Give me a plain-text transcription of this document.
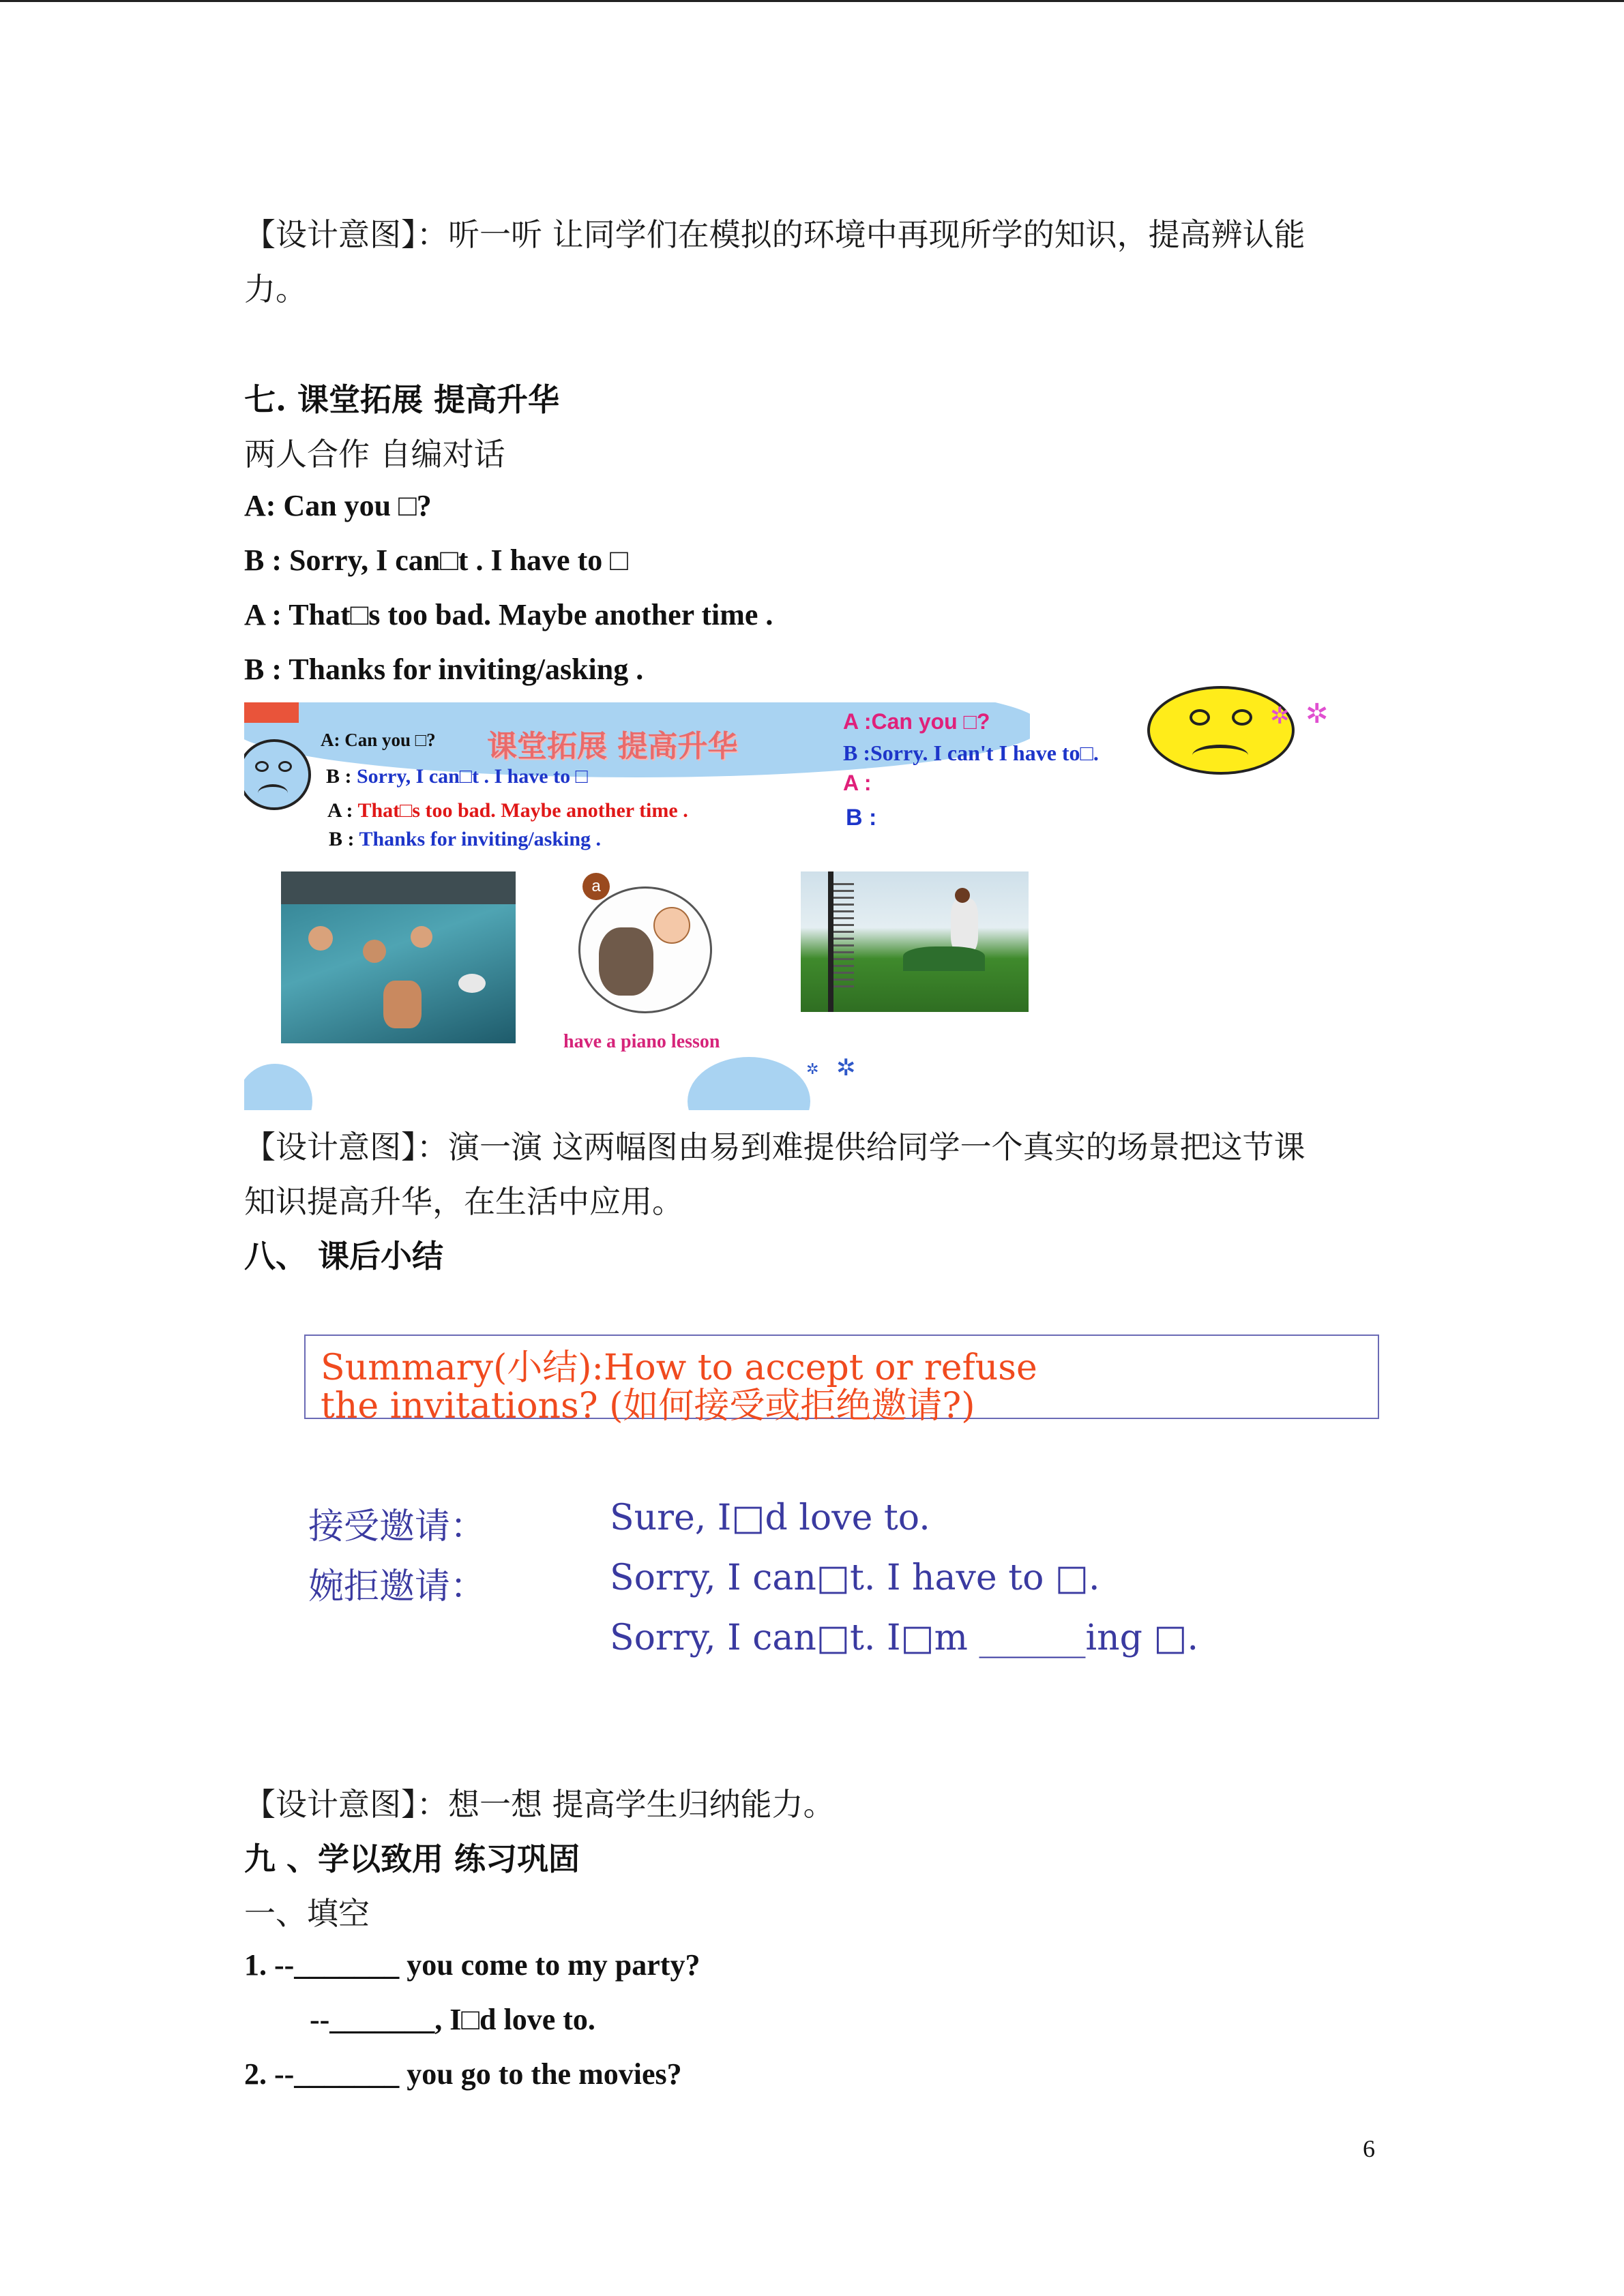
【设计意图】：听一听 让同学们在模拟的环境中再现所学的知识，提高辨认能
力。
七. 课堂拓展 提高升华
两人合作 自编对话
A: Can you □?
B : Sorry, I can□t . I have to □
A : That□s too bad. Maybe another time .
B : Thanks for inviting/asking .
A: Can you □? 课堂拓展 提高升华
B : Sorry, I can□t . I have to □
A : That□s too bad. Maybe another time .
B : Thanks for inviting/asking .
a
have a piano lesson
A :Can you □?
B :Sorry. I can't I have to□.
A :
B :
✲ ✲
✲ ✲
【设计意图】：演一演 这两幅图由易到难提供给同学一个真实的场景把这节课
知识提高升华，在生活中应用。
八、 课后小结
Summary(小结):How to accept or refuse
the invitations? (如何接受或拒绝邀请?)
接受邀请：	Sure, I□d love to.
婉拒邀请：	Sorry, I can□t. I have to □.
Sorry, I can□t. I□m ______ing □.
【设计意图】：想一想 提高学生归纳能力。
九 、学以致用 练习巩固
一、填空
1. --_______ you come to my party?
--_______, I□d love to.
2. --_______ you go to the movies?
6
